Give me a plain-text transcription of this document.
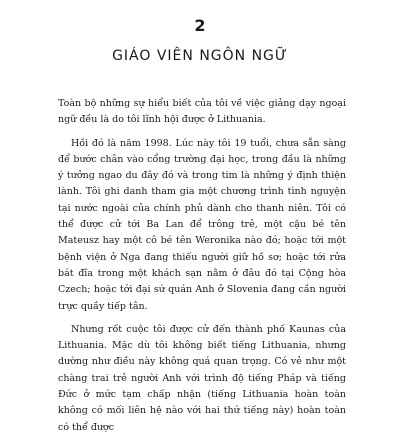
2
GIÁO VIÊN NGÔN NGỮ

Toàn bộ những sự hiểu biết của tôi về việc giảng dạy ngoại ngữ đều là do tôi lĩnh hội được ở Lithuania.

Hồi đó là năm 1998. Lúc này tôi 19 tuổi, chưa sẵn sàng để bước chân vào cổng trường đại học, trong đầu là những ý tưởng ngao du đây đó và trong tim là những ý định thiện lành. Tôi ghi danh tham gia một chương trình tình nguyện tại nước ngoài của chính phủ dành cho thanh niên. Tôi có thể được cử tới Ba Lan để trông trẻ, một cậu bé tên Mateusz hay một cô bé tên Weronika nào đó; hoặc tới một bệnh viện ở Nga đang thiếu người giữ hồ sơ; hoặc tới rửa bát đĩa trong một khách sạn nằm ở đâu đó tại Cộng hòa Czech; hoặc tới đại sứ quán Anh ở Slovenia đang cần người trực quầy tiếp tân.

Nhưng rốt cuộc tôi được cử đến thành phố Kaunas của Lithuania. Mặc dù tôi không biết tiếng Lithuania, nhưng dường như điều này không quá quan trọng. Có vẻ như một chàng trai trẻ người Anh với trình độ tiếng Pháp và tiếng Đức ở mức tạm chấp nhận (tiếng Lithuania hoàn toàn không có mối liên hệ nào với hai thứ tiếng này) hoàn toàn có thể được
